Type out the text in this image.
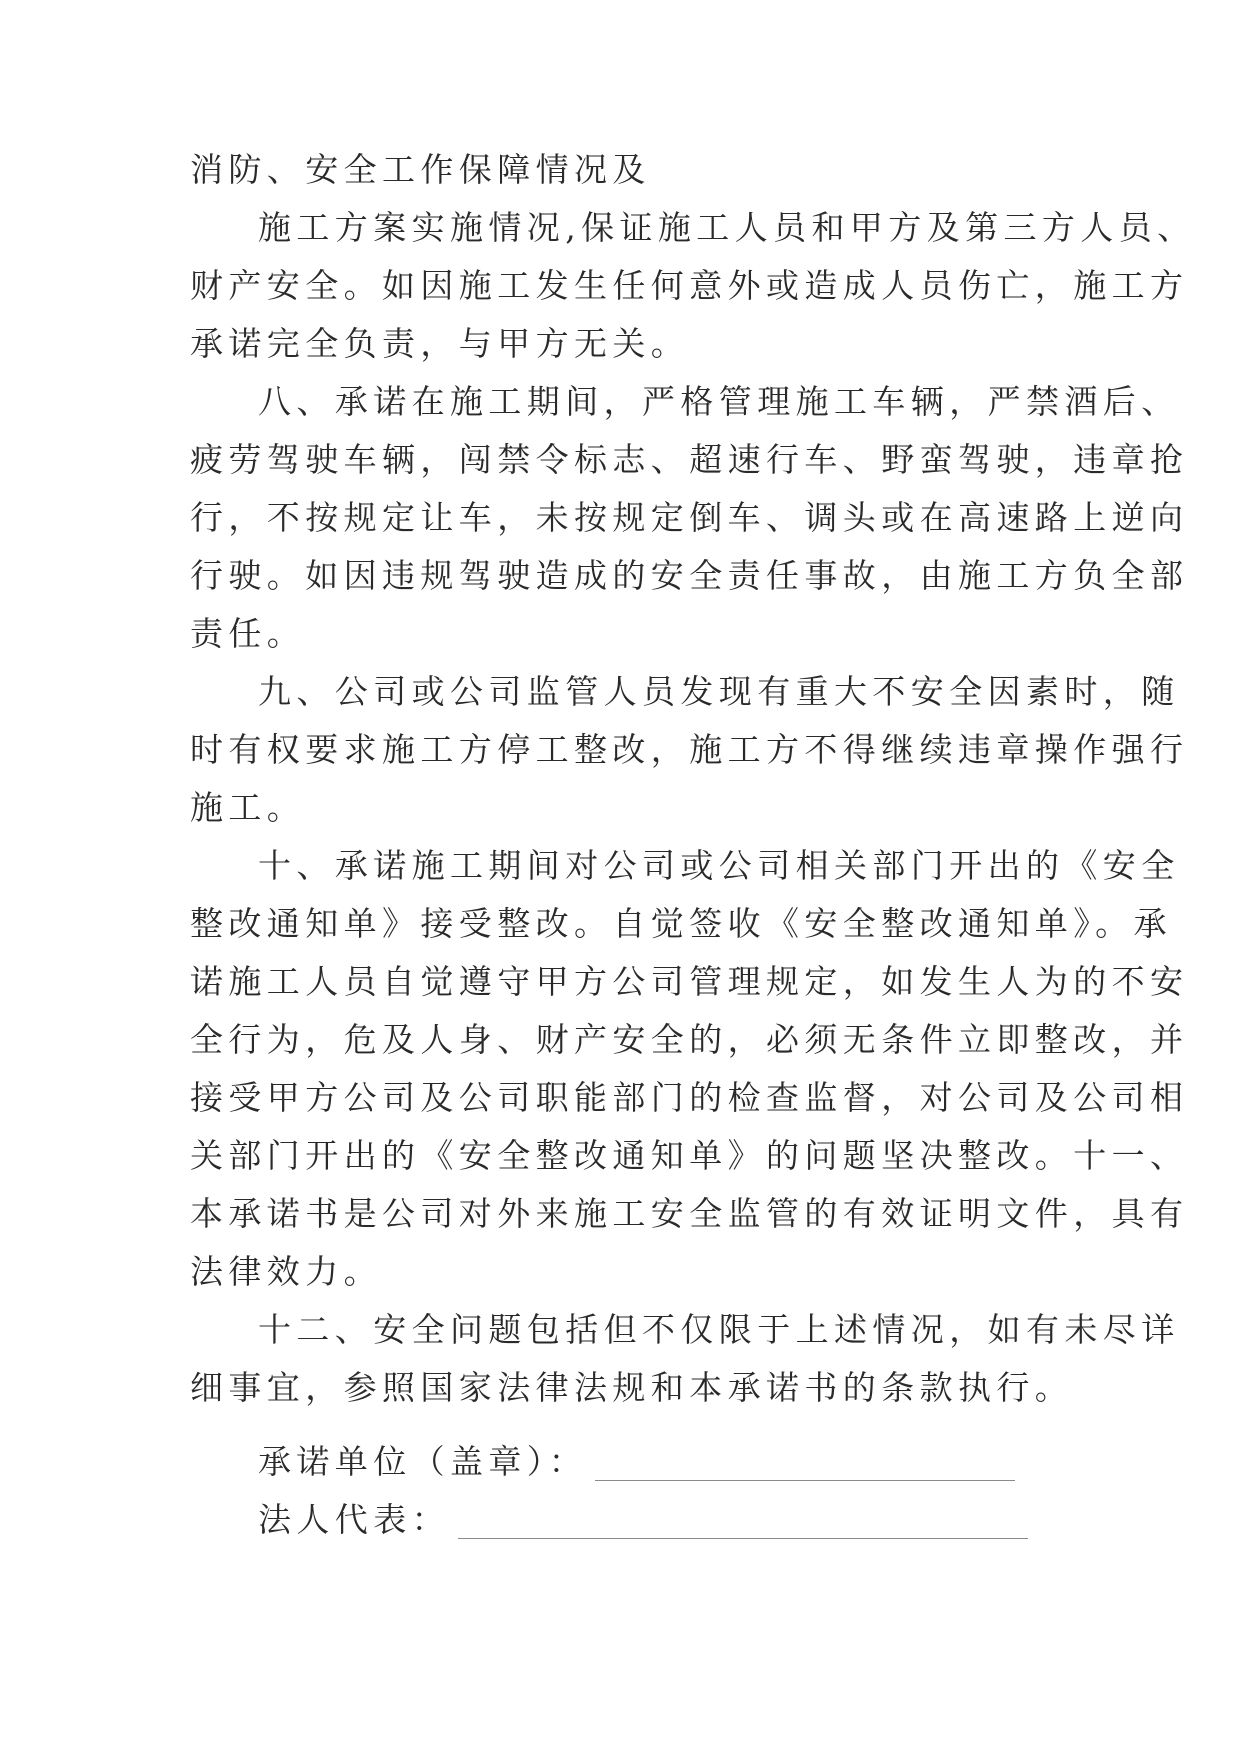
消防、安全工作保障情况及
施工方案实施情况,保证施工人员和甲方及第三方人员、
财产安全。如因施工发生任何意外或造成人员伤亡，施工方
承诺完全负责，与甲方无关。
八、承诺在施工期间，严格管理施工车辆，严禁酒后、
疲劳驾驶车辆，闯禁令标志、超速行车、野蛮驾驶，违章抢
行，不按规定让车，未按规定倒车、调头或在高速路上逆向
行驶。如因违规驾驶造成的安全责任事故，由施工方负全部
责任。
九、公司或公司监管人员发现有重大不安全因素时，随
时有权要求施工方停工整改，施工方不得继续违章操作强行
施工。
十、承诺施工期间对公司或公司相关部门开出的《安全
整改通知单》接受整改。自觉签收《安全整改通知单》。承
诺施工人员自觉遵守甲方公司管理规定，如发生人为的不安
全行为，危及人身、财产安全的，必须无条件立即整改，并
接受甲方公司及公司职能部门的检查监督，对公司及公司相
关部门开出的《安全整改通知单》的问题坚决整改。十一、
本承诺书是公司对外来施工安全监管的有效证明文件，具有
法律效力。
十二、安全问题包括但不仅限于上述情况，如有未尽详
细事宜，参照国家法律法规和本承诺书的条款执行。
承诺单位（盖章）：
法人代表：
